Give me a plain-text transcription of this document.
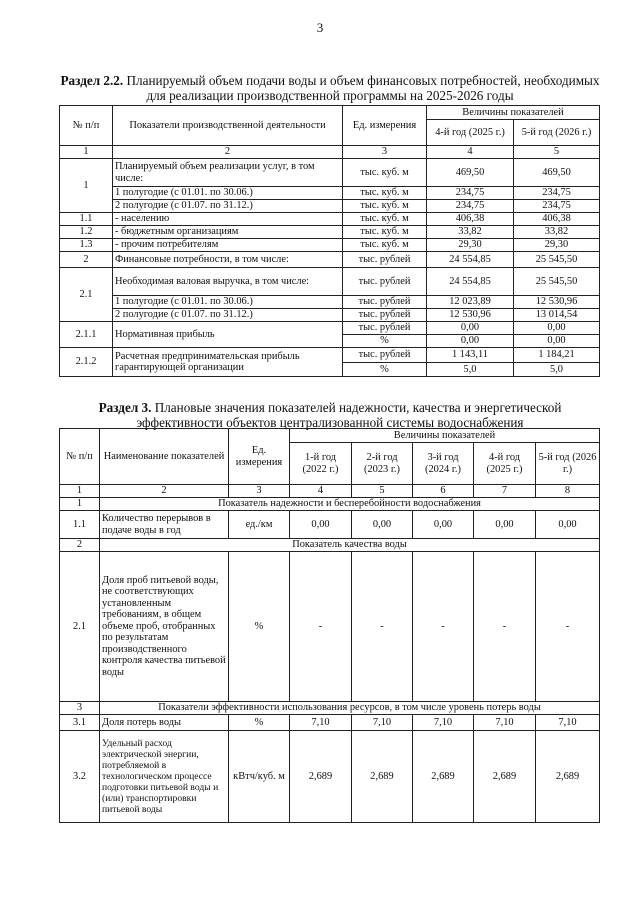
3
Раздел 2.2. Планируемый объем подачи воды и объем финансовых потребностей, необходимых для реализации производственной программы на 2025-2026 годы
№ п/п	Показатели производственной деятельности	Ед. измерения	Величины показателей	
			4-й год (2025 г.)	5-й год (2026 г.)
1	2	3	4	5
1	Планируемый объем реализации услуг, в том числе:	тыс. куб. м	469,50	469,50
	1 полугодие (с 01.01. по 30.06.)	тыс. куб. м	234,75	234,75
	2 полугодие (с 01.07. по 31.12.)	тыс. куб. м	234,75	234,75
1.1	- населению	тыс. куб. м	406,38	406,38
1.2	- бюджетным организациям	тыс. куб. м	33,82	33,82
1.3	- прочим потребителям	тыс. куб. м	29,30	29,30
2	Финансовые потребности, в том числе:	тыс. рублей	24 554,85	25 545,50
2.1	Необходимая валовая выручка, в том числе:	тыс. рублей	24 554,85	25 545,50
	1 полугодие (с 01.01. по 30.06.)	тыс. рублей	12 023,89	12 530,96
	2 полугодие (с 01.07. по 31.12.)	тыс. рублей	12 530,96	13 014,54
2.1.1	Нормативная прибыль	тыс. рублей	0,00	0,00
		%	0,00	0,00
2.1.2	Расчетная предпринимательская прибыль гарантирующей организации	тыс. рублей	1 143,11	1 184,21
		%	5,0	5,0
Раздел 3. Плановые значения показателей надежности, качества и энергетической эффективности объектов централизованной системы водоснабжения
№ п/п	Наименование показателей	Ед. измерения	Величины показателей				
			1-й год (2022 г.)	2-й год (2023 г.)	3-й год (2024 г.)	4-й год (2025 г.)	5-й год (2026 г.)
1	2	3	4	5	6	7	8
1	Показатель надежности и бесперебойности водоснабжения						
1.1	Количество перерывов в подаче воды в год	ед./км	0,00	0,00	0,00	0,00	0,00
2	Показатель качества воды						
2.1	Доля проб питьевой воды, не соответствующих установленным требованиям, в общем объеме проб, отобранных по результатам производственного контроля качества питьевой воды	%	-	-	-	-	-
3	Показатели эффективности использования ресурсов, в том числе уровень потерь воды						
3.1	Доля потерь воды	%	7,10	7,10	7,10	7,10	7,10
3.2	Удельный расход электрической энергии, потребляемой в технологическом процессе подготовки питьевой воды и (или) транспортировки питьевой воды	кВтч/куб. м	2,689	2,689	2,689	2,689	2,689
